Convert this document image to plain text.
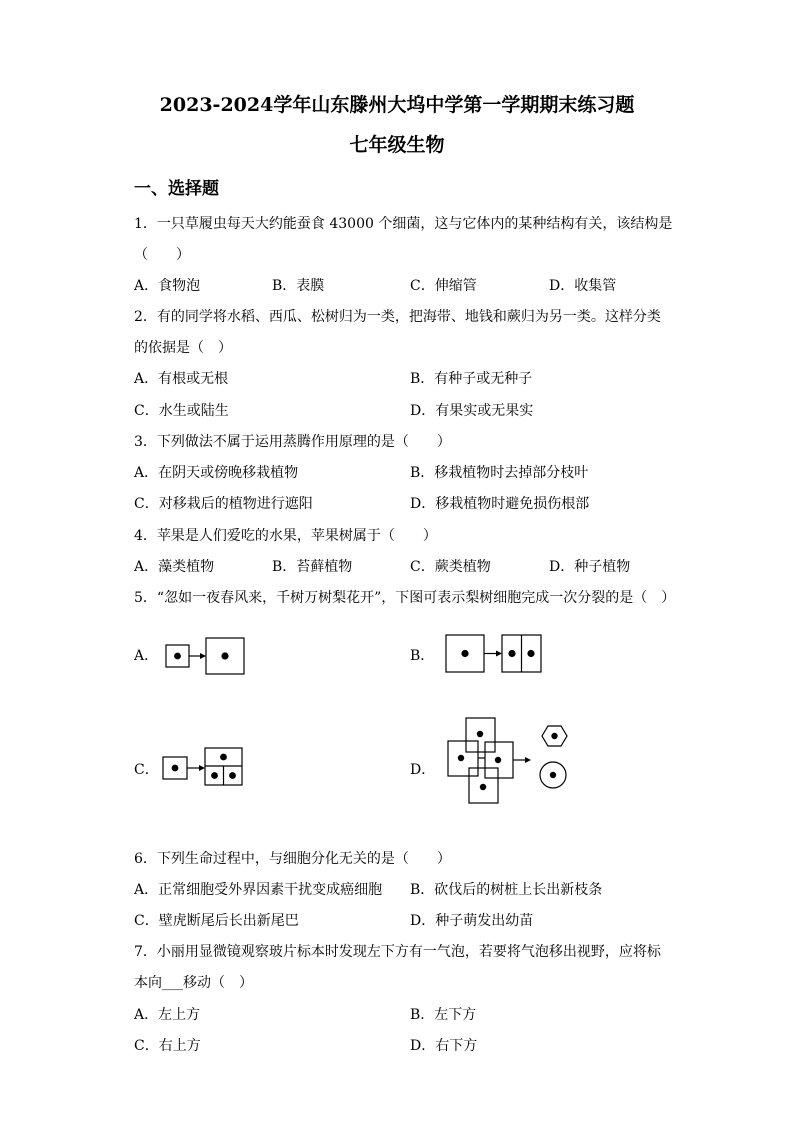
2023-2024学年山东滕州大坞中学第一学期期末练习题
七年级生物
一、选择题
1．一只草履虫每天大约能蚕食 43000 个细菌，这与它体内的某种结构有关，该结构是
（　　）
A．食物泡	B．表膜	C．伸缩管	D．收集管
2．有的同学将水稻、西瓜、松树归为一类，把海带、地钱和蕨归为另一类。这样分类
的依据是（　）
A．有根或无根	B．有种子或无种子
C．水生或陆生	D．有果实或无果实
3．下列做法不属于运用蒸腾作用原理的是（　　）
A．在阴天或傍晚移栽植物	B．移栽植物时去掉部分枝叶
C．对移栽后的植物进行遮阳	D．移栽植物时避免损伤根部
4．苹果是人们爱吃的水果，苹果树属于（　　）
A．藻类植物	B．苔藓植物	C．蕨类植物	D．种子植物
5．“忽如一夜春风来，千树万树梨花开”，下图可表示梨树细胞完成一次分裂的是（　）
A．	B．
C．	D．
6．下列生命过程中，与细胞分化无关的是（　　）
A．正常细胞受外界因素干扰变成癌细胞 B．砍伐后的树桩上长出新枝条
C．壁虎断尾后长出新尾巴	D．种子萌发出幼苗
7．小丽用显微镜观察玻片标本时发现左下方有一气泡，若要将气泡移出视野，应将标
本向___移动（　）
A．左上方	B．左下方
C．右上方	D．右下方
